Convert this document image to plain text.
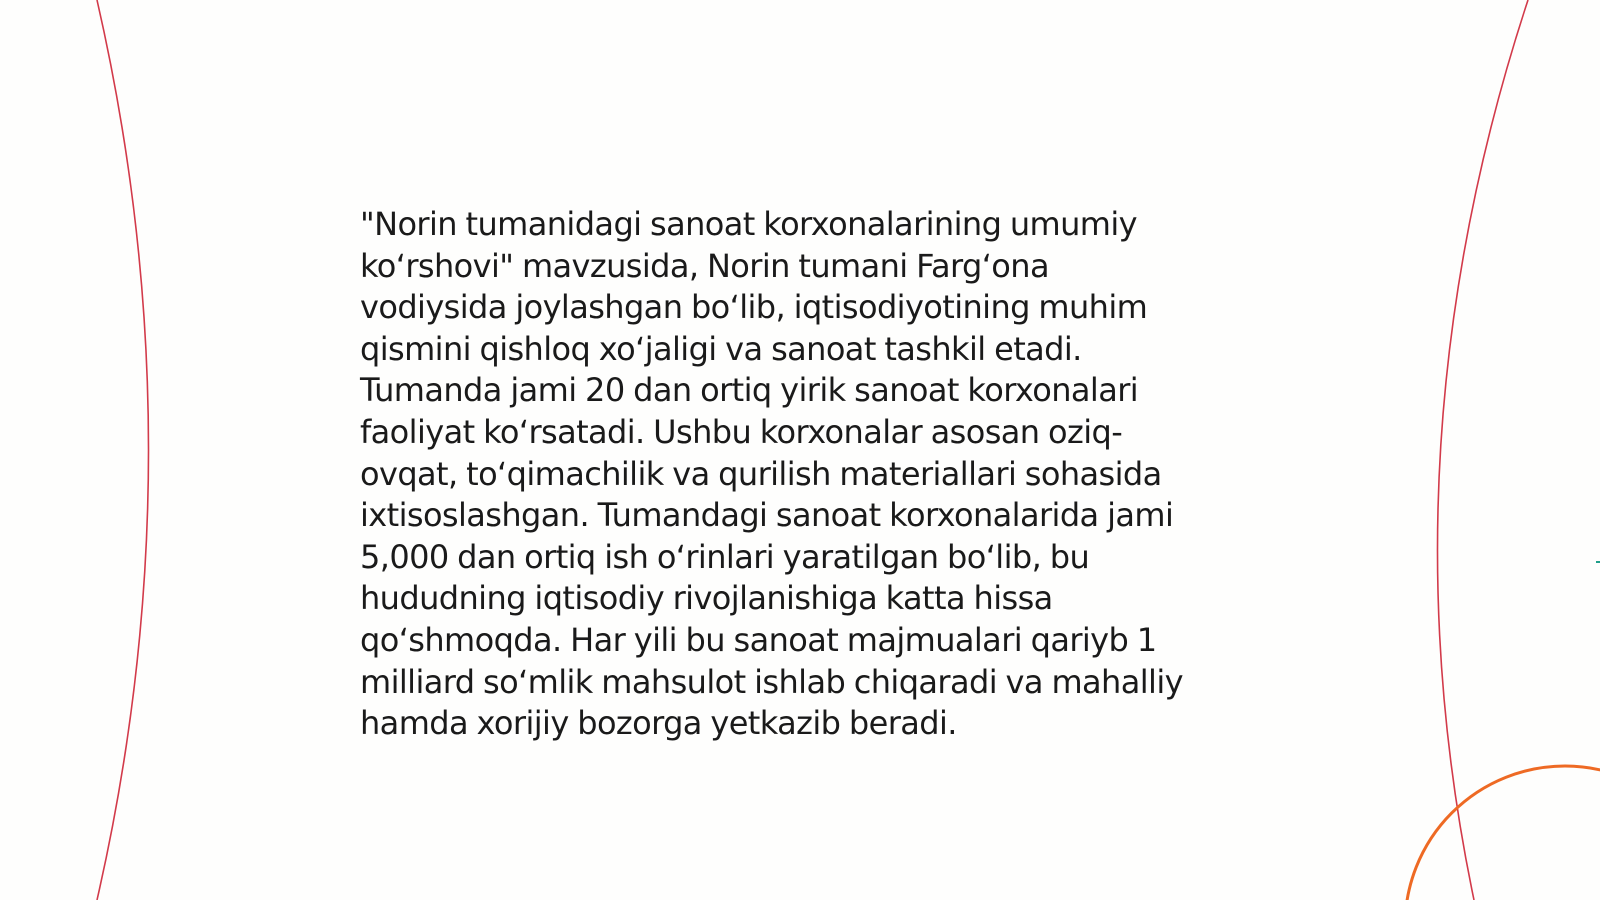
"Norin tumanidagi sanoat korxonalarining umumiy
ko‘rshovi" mavzusida, Norin tumani Farg‘ona
vodiysida joylashgan bo‘lib, iqtisodiyotining muhim
qismini qishloq xo‘jaligi va sanoat tashkil etadi.
Tumanda jami 20 dan ortiq yirik sanoat korxonalari
faoliyat ko‘rsatadi. Ushbu korxonalar asosan oziq-
ovqat, to‘qimachilik va qurilish materiallari sohasida
ixtisoslashgan. Tumandagi sanoat korxonalarida jami
5,000 dan ortiq ish o‘rinlari yaratilgan bo‘lib, bu
hududning iqtisodiy rivojlanishiga katta hissa
qo‘shmoqda. Har yili bu sanoat majmualari qariyb 1
milliard so‘mlik mahsulot ishlab chiqaradi va mahalliy
hamda xorijiy bozorga yetkazib beradi.
